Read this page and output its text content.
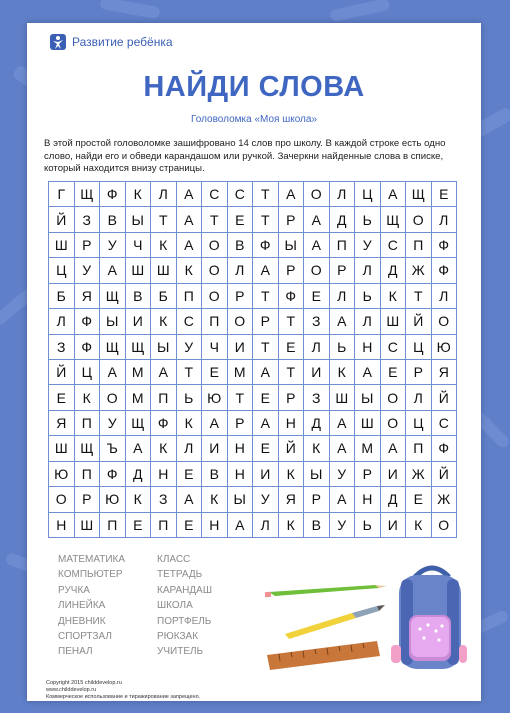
Развитие ребёнка
НАЙДИ СЛОВА
Головоломка «Моя школа»
В этой простой головоломке зашифровано 14 слов про школу. В каждой строке есть одно слово, найди его и обведи карандашом или ручкой. Зачеркни найденные слова в списке, который находится внизу страницы.
Г	Щ Ф	К	Л	А	С	С	Т	А	О	Л	Ц	А	Щ	Е
Й	З	В	Ы	Т	А	Т	Е	Т	Р	А	Д	Ь	Щ О	Л
Ш	Р	У	Ч	К	А	О	В	Ф Ы	А	П	У	С	П	Ф
Ц	У	А	Ш Ш	К	О	Л	А	Р	О	Р	Л	Д	Ж Ф
Б	Я Щ	В	Б	П	О	Р	Т	Ф	Е	Л	Ь	К	Т	Л
Л	Ф Ы	И	К	С	П	О	Р	Т	З	А	Л	Ш	Й	О
З	Ф Щ Щ Ы	У	Ч	И	Т	Е	Л	Ь	Н	С	Ц Ю
Й	Ц	А	М	А	Т	Е	М	А	Т	И	К	А	Е	Р	Я
Е	К	О	М	П	Ь Ю	Т	Е	Р	З	Ш Ы О	Л	Й
Я	П	У	Щ Ф	К	А	Р	А	Н	Д	А	Ш О	Ц	С
Ш Щ Ъ	А	К	Л	И	Н	Е	Й	К	А	М	А	П	Ф
Ю П	Ф	Д	Н	Е	В	Н	И	К	Ы	У	Р	И	Ж	Й
О	Р Ю	К	З	А	К	Ы	У	Я	Р	А	Н	Д	Е	Ж
Н	Ш	П	Е	П	Е	Н	А	Л	К	В	У	Ь	И	К	О
МАТЕМАТИКА	КЛАСС
КОМПЬЮТЕР	ТЕТРАДЬ
РУЧКА	КАРАНДАШ
ЛИНЕЙКА	ШКОЛА
ДНЕВНИК	ПОРТФЕЛЬ
СПОРТЗАЛ	РЮКЗАК
ПЕНАЛ	УЧИТЕЛЬ
Copyright 2015 childdevelop.ru
www.childdevelop.ru
Коммерческое использование и тиражирование запрещено.
